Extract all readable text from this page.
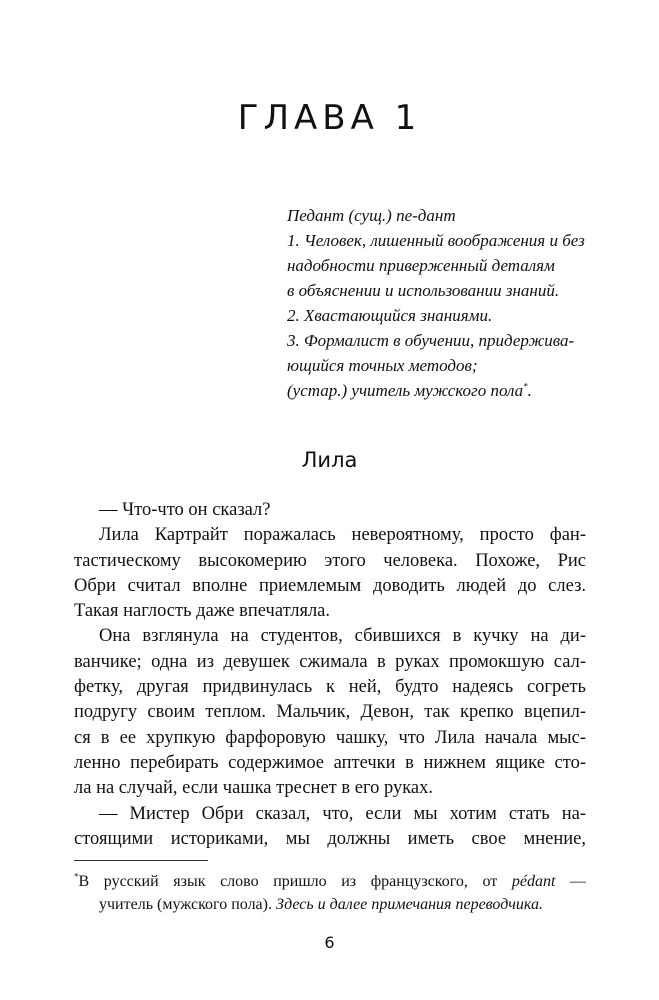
ГЛАВА 1
Педант (сущ.) пе-дант
1. Человек, лишенный воображения и без
надобности приверженный деталям
в объяснении и использовании знаний.
2. Хвастающийся знаниями.
3. Формалист в обучении, придержива-
ющийся точных методов;
(устар.) учитель мужского пола*.
Лила
— Что-что он сказал?
Лила Картрайт поражалась невероятному, просто фан-
тастическому высокомерию этого человека. Похоже, Рис
Обри считал вполне приемлемым доводить людей до слез.
Такая наглость даже впечатляла.
Она взглянула на студентов, сбившихся в кучку на ди-
ванчике; одна из девушек сжимала в руках промокшую сал-
фетку, другая придвинулась к ней, будто надеясь согреть
подругу своим теплом. Мальчик, Девон, так крепко вцепил-
ся в ее хрупкую фарфоровую чашку, что Лила начала мыс-
ленно перебирать содержимое аптечки в нижнем ящике сто-
ла на случай, если чашка треснет в его руках.
— Мистер Обри сказал, что, если мы хотим стать на-
стоящими историками, мы должны иметь свое мнение,
*В русский язык слово пришло из французского, от pédant —
учитель (мужского пола). Здесь и далее примечания переводчика.
6
